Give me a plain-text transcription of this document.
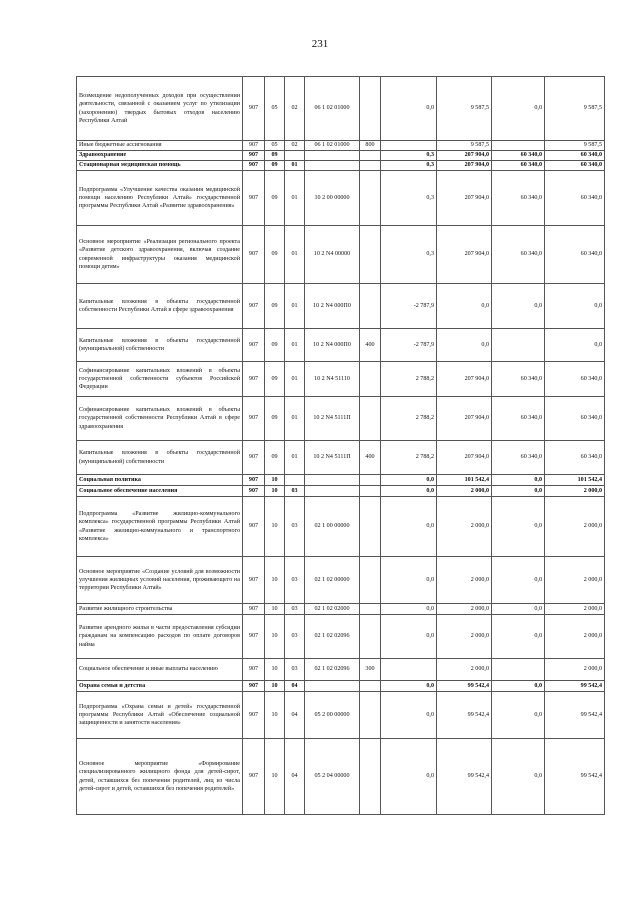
231
Возмещение недополученных доходов при осуществлении деятельности, связанной с оказанием услуг по утилизации (захоронению) твердых бытовых отходов населению Республики Алтай	907	05	02	06 1 02 01000		0,0	9 587,5	0,0	9 587,5
Иные бюджетные ассигнования	907	05	02	06 1 02 01000	800		9 587,5		9 587,5
Здравоохранение	907	09				0,3	207 904,0	60 340,0	60 340,0
Стационарная медицинская помощь	907	09	01			0,3	207 904,0	60 340,0	60 340,0
Подпрограмма «Улучшение качества оказания медицинской помощи населению Республики Алтай» государственной программы Республики Алтай «Развитие здравоохранения»	907	09	01	10 2 00 00000		0,3	207 904,0	60 340,0	60 340,0
Основное мероприятие «Реализация регионального проекта «Развитие детского здравоохранения, включая создание современной инфраструктуры оказания медицинской помощи детям»	907	09	01	10 2 N4 00000		0,3	207 904,0	60 340,0	60 340,0
Капитальные вложения в объекты государственной собственности Республики Алтай в сфере здравоохранения	907	09	01	10 2 N4 000П0		-2 787,9	0,0	0,0	0,0
Капитальные вложения в объекты государственной (муниципальной) собственности	907	09	01	10 2 N4 000П0	400	-2 787,9	0,0		0,0
Софинансирование капитальных вложений в объекты государственной собственности субъектов Российской Федерации	907	09	01	10 2 N4 51110		2 788,2	207 904,0	60 340,0	60 340,0
Софинансирование капитальных вложений в объекты государственной собственности Республики Алтай в сфере здравоохранения	907	09	01	10 2 N4 5111П		2 788,2	207 904,0	60 340,0	60 340,0
Капитальные вложения в объекты государственной (муниципальной) собственности	907	09	01	10 2 N4 5111П	400	2 788,2	207 904,0	60 340,0	60 340,0
Социальная политика	907	10				0,0	101 542,4	0,0	101 542,4
Социальное обеспечение населения	907	10	03			0,0	2 000,0	0,0	2 000,0
Подпрограмма «Развитие жилищно-коммунального комплекса» государственной программы Республики Алтай «Развитие жилищно-коммунального и транспортного комплекса»	907	10	03	02 1 00 00000		0,0	2 000,0	0,0	2 000,0
Основное мероприятие «Создание условий для возможности улучшения жилищных условий населения, проживающего на территории Республики Алтай»	907	10	03	02 1 02 00000		0,0	2 000,0	0,0	2 000,0
Развитие жилищного строительства	907	10	03	02 1 02 02000		0,0	2 000,0	0,0	2 000,0
Развитие арендного жилья в части предоставления субсидии гражданам на компенсацию расходов по оплате договоров найма	907	10	03	02 1 02 02096		0,0	2 000,0	0,0	2 000,0
Социальное обеспечение и иные выплаты населению	907	10	03	02 1 02 02096	300		2 000,0		2 000,0
Охрана семьи и детства	907	10	04			0,0	99 542,4	0,0	99 542,4
Подпрограмма «Охрана семьи и детей» государственной программы Республики Алтай «Обеспечение социальной защищенности и занятости населения»	907	10	04	05 2 00 00000		0,0	99 542,4	0,0	99 542,4
Основное мероприятие «Формирование специализированного жилищного фонда для детей-сирот, детей, оставшихся без попечения родителей, лиц из числа детей-сирот и детей, оставшихся без попечения родителей»	907	10	04	05 2 04 00000		0,0	99 542,4	0,0	99 542,4
